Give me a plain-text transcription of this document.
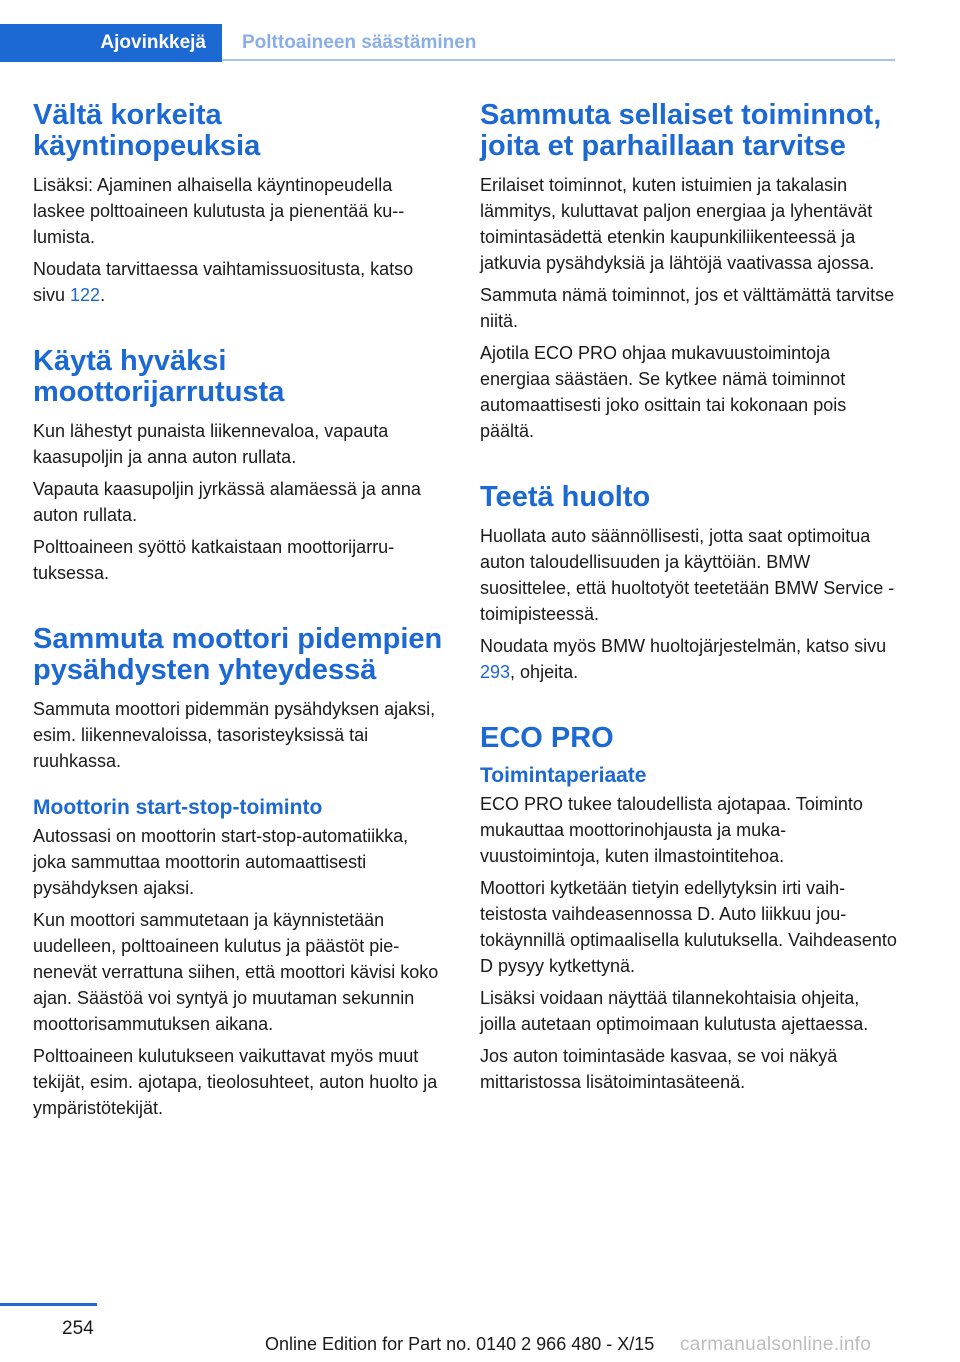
Ajovinkkejä Polttoaineen säästäminen
Vältä korkeita käyntinopeuksia

Lisäksi: Ajaminen alhaisella käyntinopeudella laskee polttoaineen kulutusta ja pienentää ku-lumista.

Noudata tarvittaessa vaihtamissuositusta, katso sivu 122.

Käytä hyväksi moottorijarrutusta

Kun lähestyt punaista liikennevaloa, vapauta kaasupoljin ja anna auton rullata.

Vapauta kaasupoljin jyrkässä alamäessä ja anna auton rullata.

Polttoaineen syöttö katkaistaan moottorijarrutuksessa.

Sammuta moottori pidempien pysähdysten yhteydessä

Sammuta moottori pidemmän pysähdyksen ajaksi, esim. liikennevaloissa, tasoristeyksissä tai ruuhkassa.

Moottorin start-stop-toiminto

Autossasi on moottorin start-stop-automatiikka, joka sammuttaa moottorin automaattisesti pysähdyksen ajaksi.

Kun moottori sammutetaan ja käynnistetään uudelleen, polttoaineen kulutus ja päästöt pienenevät verrattuna siihen, että moottori kävisi koko ajan. Säästöä voi syntyä jo muutaman sekunnin moottorisammutuksen aikana.

Polttoaineen kulutukseen vaikuttavat myös muut tekijät, esim. ajotapa, tieolosuhteet, auton huolto ja ympäristötekijät.

Sammuta sellaiset toiminnot, joita et parhaillaan tarvitse

Erilaiset toiminnot, kuten istuimien ja takalasin lämmitys, kuluttavat paljon energiaa ja lyhentävät toimintasädettä etenkin kaupunkiliikenteessä ja jatkuvia pysähdyksiä ja lähtöjä vaativassa ajossa.

Sammuta nämä toiminnot, jos et välttämättä tarvitse niitä.

Ajotila ECO PRO ohjaa mukavuustoimintoja energiaa säästäen. Se kytkee nämä toiminnot automaattisesti joko osittain tai kokonaan pois päältä.

Teetä huolto

Huollata auto säännöllisesti, jotta saat optimoitua auton taloudellisuuden ja käyttöiän. BMW suosittelee, että huoltotyöt teetetään BMW Service -toimipisteessä.

Noudata myös BMW huoltojärjestelmän, katso sivu 293, ohjeita.

ECO PRO
Toimintaperiaate

ECO PRO tukee taloudellista ajotapaa. Toiminto mukauttaa moottorinohjausta ja mukavuustoimintoja, kuten ilmastointitehoa.

Moottori kytketään tietyin edellytyksin irti vaihteistosta vaihdeasennossa D. Auto liikkuu joutokäynnillä optimaalisella kulutuksella. Vaihdeasento D pysyy kytkettynä.

Lisäksi voidaan näyttää tilannekohtaisia ohjeita, joilla autetaan optimoimaan kulutusta ajettaessa.

Jos auton toimintasäde kasvaa, se voi näkyä mittaristossa lisätoimintasäteenä.

254
Online Edition for Part no. 0140 2 966 480 - X/15 carmanualsonline.info
